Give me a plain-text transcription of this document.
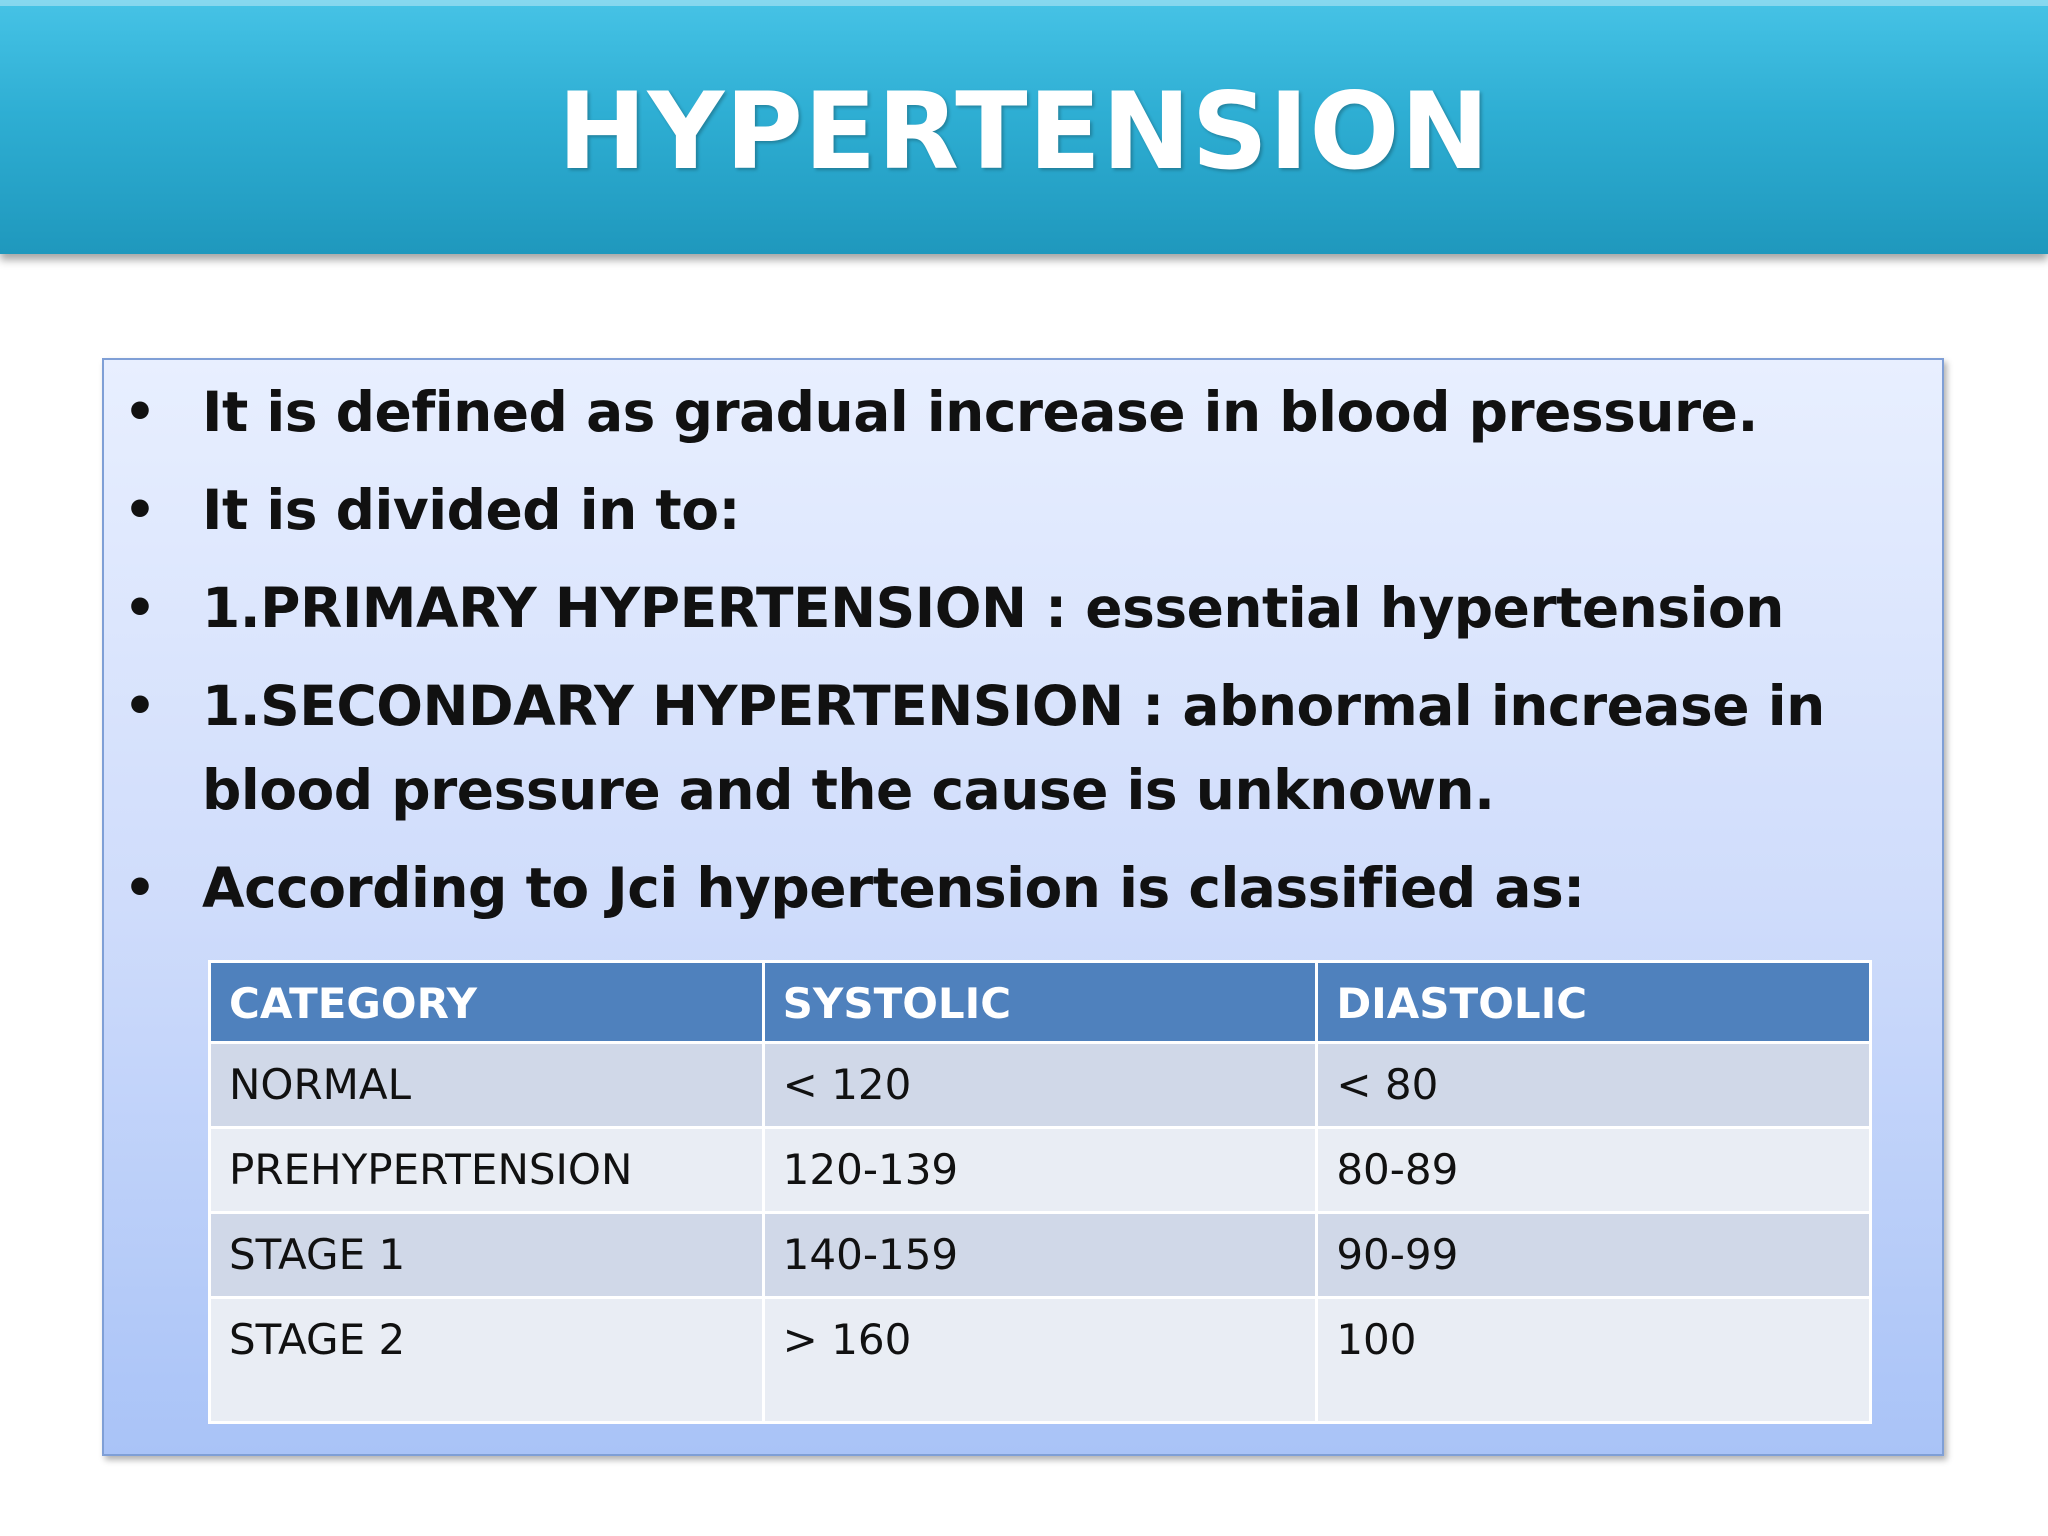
HYPERTENSION
• It is defined as gradual increase in blood pressure.
• It is divided in to:
• 1.PRIMARY HYPERTENSION : essential hypertension
• 1.SECONDARY HYPERTENSION : abnormal increase in blood pressure and the cause is unknown.
• According to Jci hypertension is classified as:
CATEGORY	SYSTOLIC	DIASTOLIC
NORMAL	< 120	< 80
PREHYPERTENSION	120-139	80-89
STAGE 1	140-159	90-99
STAGE 2	> 160	100
